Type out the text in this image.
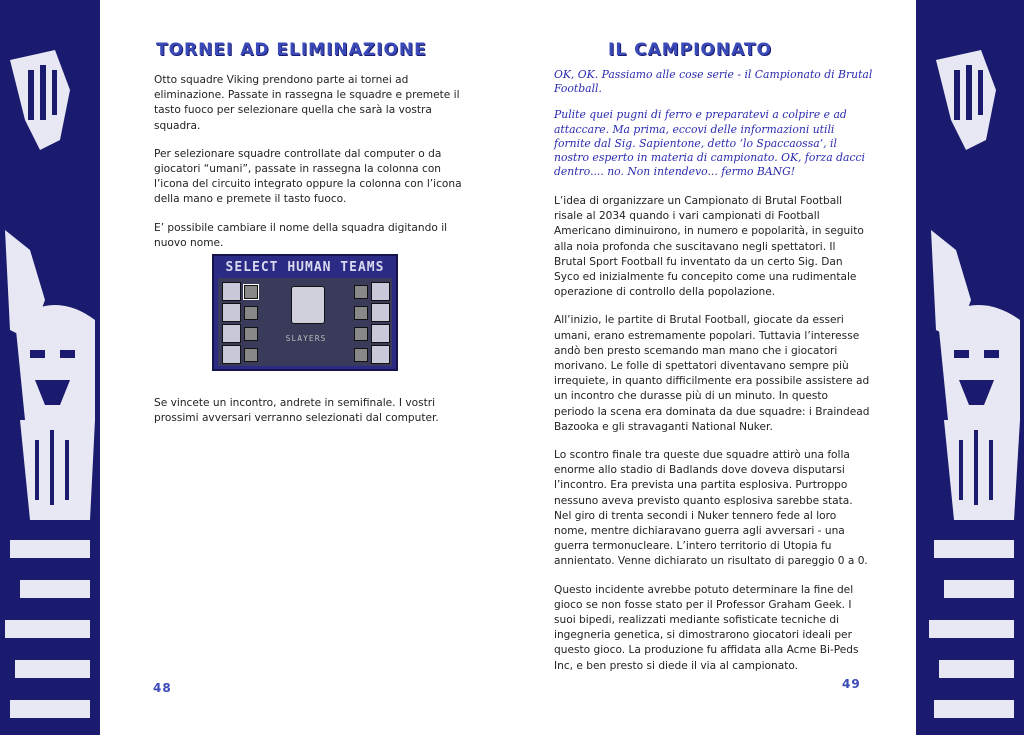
TORNEI AD ELIMINAZIONE

Otto squadre Viking prendono parte ai tornei ad eliminazione. Passate in rassegna le squadre e premete il tasto fuoco per selezionare quella che sarà la vostra squadra.

Per selezionare squadre controllate dal computer o da giocatori “umani”, passate in rassegna la colonna con l’icona del circuito integrato oppure la colonna con l’icona della mano e premete il tasto fuoco.

E’ possibile cambiare il nome della squadra digitando il nuovo nome.

SELECT HUMAN TEAMS
SLAYERS

Se vincete un incontro, andrete in semifinale. I vostri prossimi avversari verranno selezionati dal computer.

48
IL CAMPIONATO

OK, OK. Passiamo alle cose serie - il Campionato di Brutal Football.

Pulite quei pugni di ferro e preparatevi a colpire e ad attaccare. Ma prima, eccovi delle informazioni utili fornite dal Sig. Sapientone, detto ‘lo Spaccaossa’, il nostro esperto in materia di campionato. OK, forza dacci dentro.... no. Non intendevo... fermo BANG!

L’idea di organizzare un Campionato di Brutal Football risale al 2034 quando i vari campionati di Football Americano diminuirono, in numero e popolarità, in seguito alla noia profonda che suscitavano negli spettatori. Il Brutal Sport Football fu inventato da un certo Sig. Dan Syco ed inizialmente fu concepito come una rudimentale operazione di controllo della popolazione.

All’inizio, le partite di Brutal Football, giocate da esseri umani, erano estremamente popolari. Tuttavia l’interesse andò ben presto scemando man mano che i giocatori morivano. Le folle di spettatori diventavano sempre più irrequiete, in quanto difficilmente era possibile assistere ad un incontro che durasse più di un minuto. In questo periodo la scena era dominata da due squadre: i Braindead Bazooka e gli stravaganti National Nuker.

Lo scontro finale tra queste due squadre attirò una folla enorme allo stadio di Badlands dove doveva disputarsi l’incontro. Era prevista una partita esplosiva. Purtroppo nessuno aveva previsto quanto esplosiva sarebbe stata. Nel giro di trenta secondi i Nuker tennero fede al loro nome, mentre dichiaravano guerra agli avversari - una guerra termonucleare. L’intero territorio di Utopia fu annientato. Venne dichiarato un risultato di pareggio 0 a 0.

Questo incidente avrebbe potuto determinare la fine del gioco se non fosse stato per il Professor Graham Geek. I suoi bipedi, realizzati mediante sofisticate tecniche di ingegneria genetica, si dimostrarono giocatori ideali per questo gioco. La produzione fu affidata alla Acme Bi-Peds Inc, e ben presto si diede il via al campionato.

49
